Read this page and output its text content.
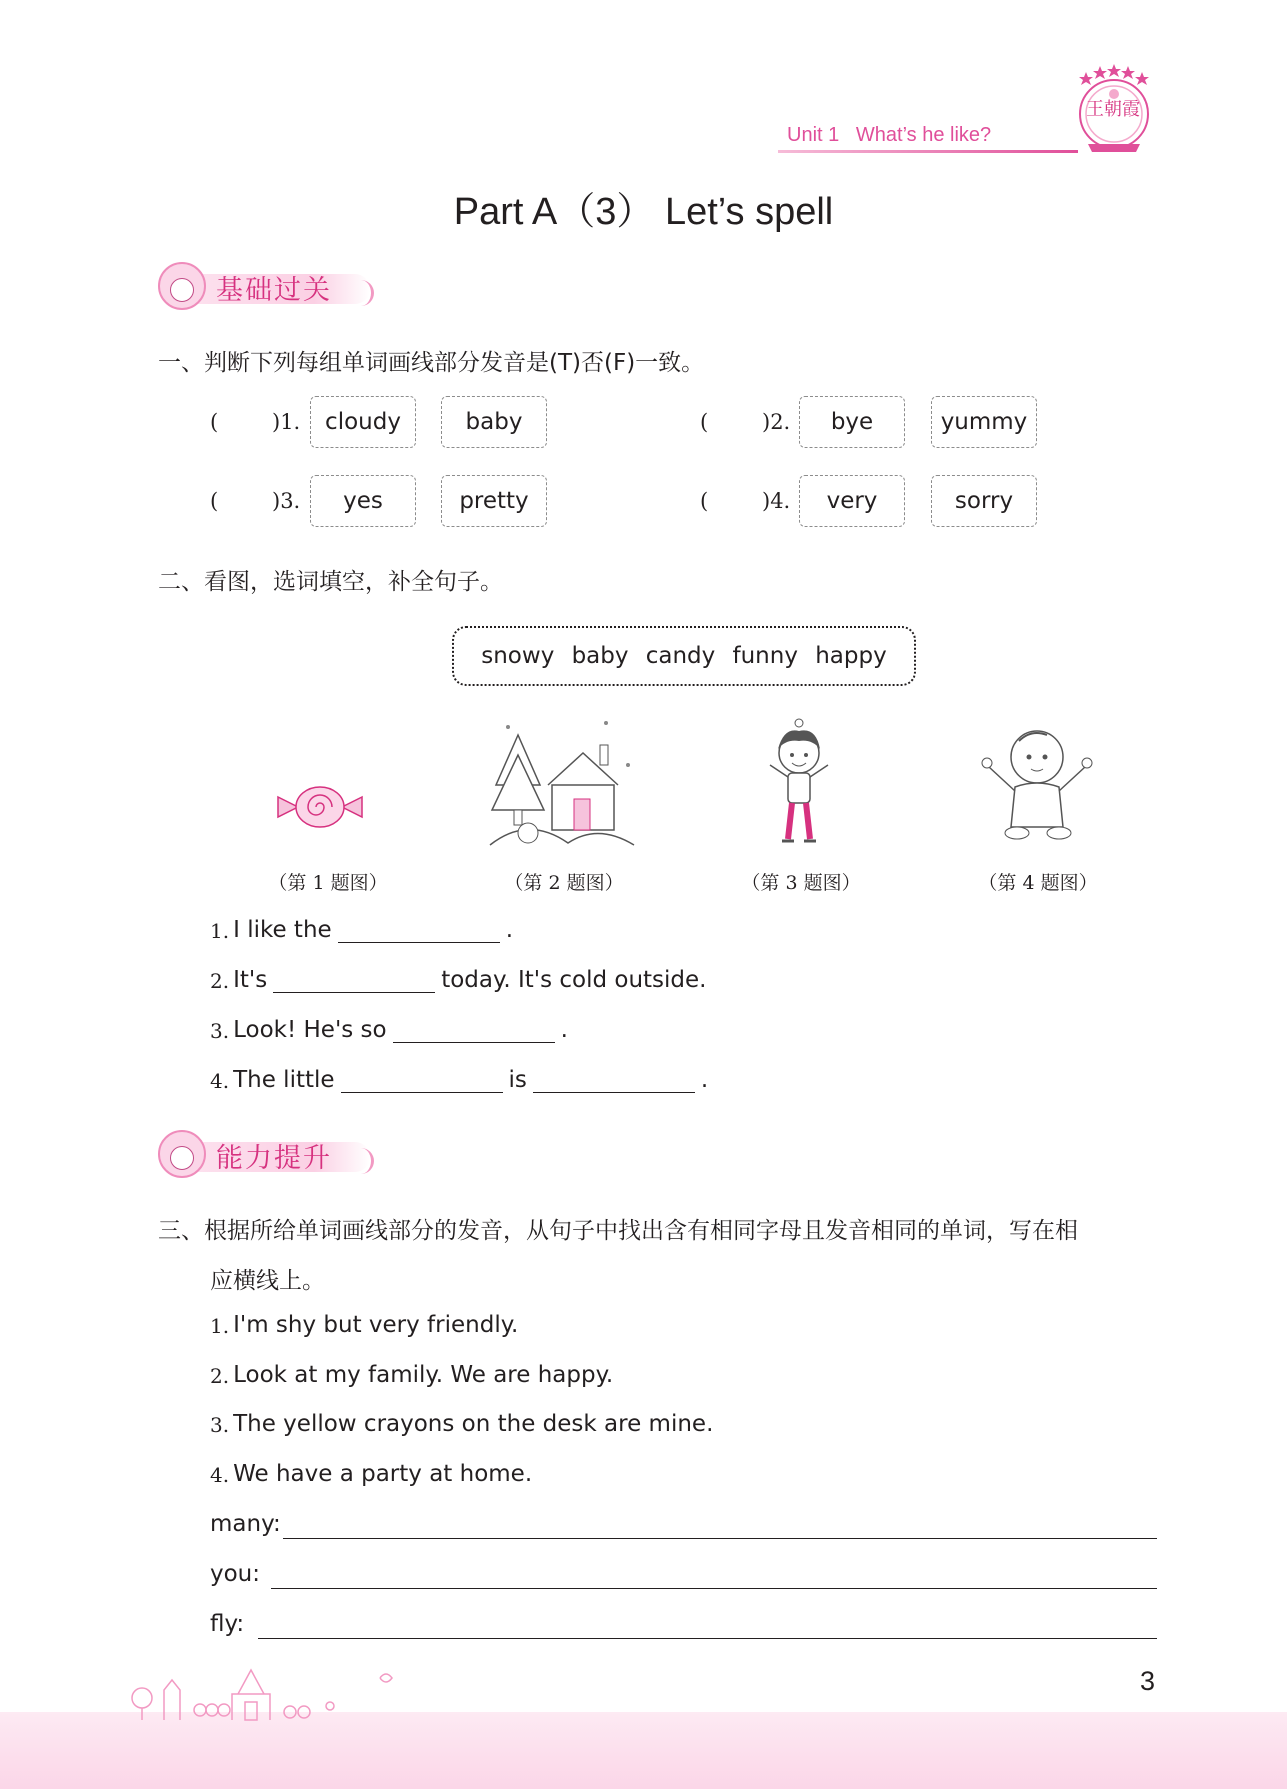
王朝霞
Unit 1 What’s he like?
Part A（3） Let’s spell
基础过关
一、判断下列每组单词画线部分发音是(T)否(F)一致。
(	)1.	cloudy	baby	(	)2.	bye	yummy
(	)3.	yes	pretty	(	)4.	very	sorry
二、看图，选词填空，补全句子。
snowy baby candy funny happy
（第 1 题图）	（第 2 题图）	（第 3 题图）	（第 4 题图）
1. I like the	.
2. It's	today. It's cold outside.
3. Look! He's so	.
4. The little	is	.
能力提升
三、根据所给单词画线部分的发音，从句子中找出含有相同字母且发音相同的单词，写在相
应横线上。
1. I'm shy but very friendly.
2. Look at my family. We are happy.
3. The yellow crayons on the desk are mine.
4. We have a party at home.
many:
you:
fly:
3
